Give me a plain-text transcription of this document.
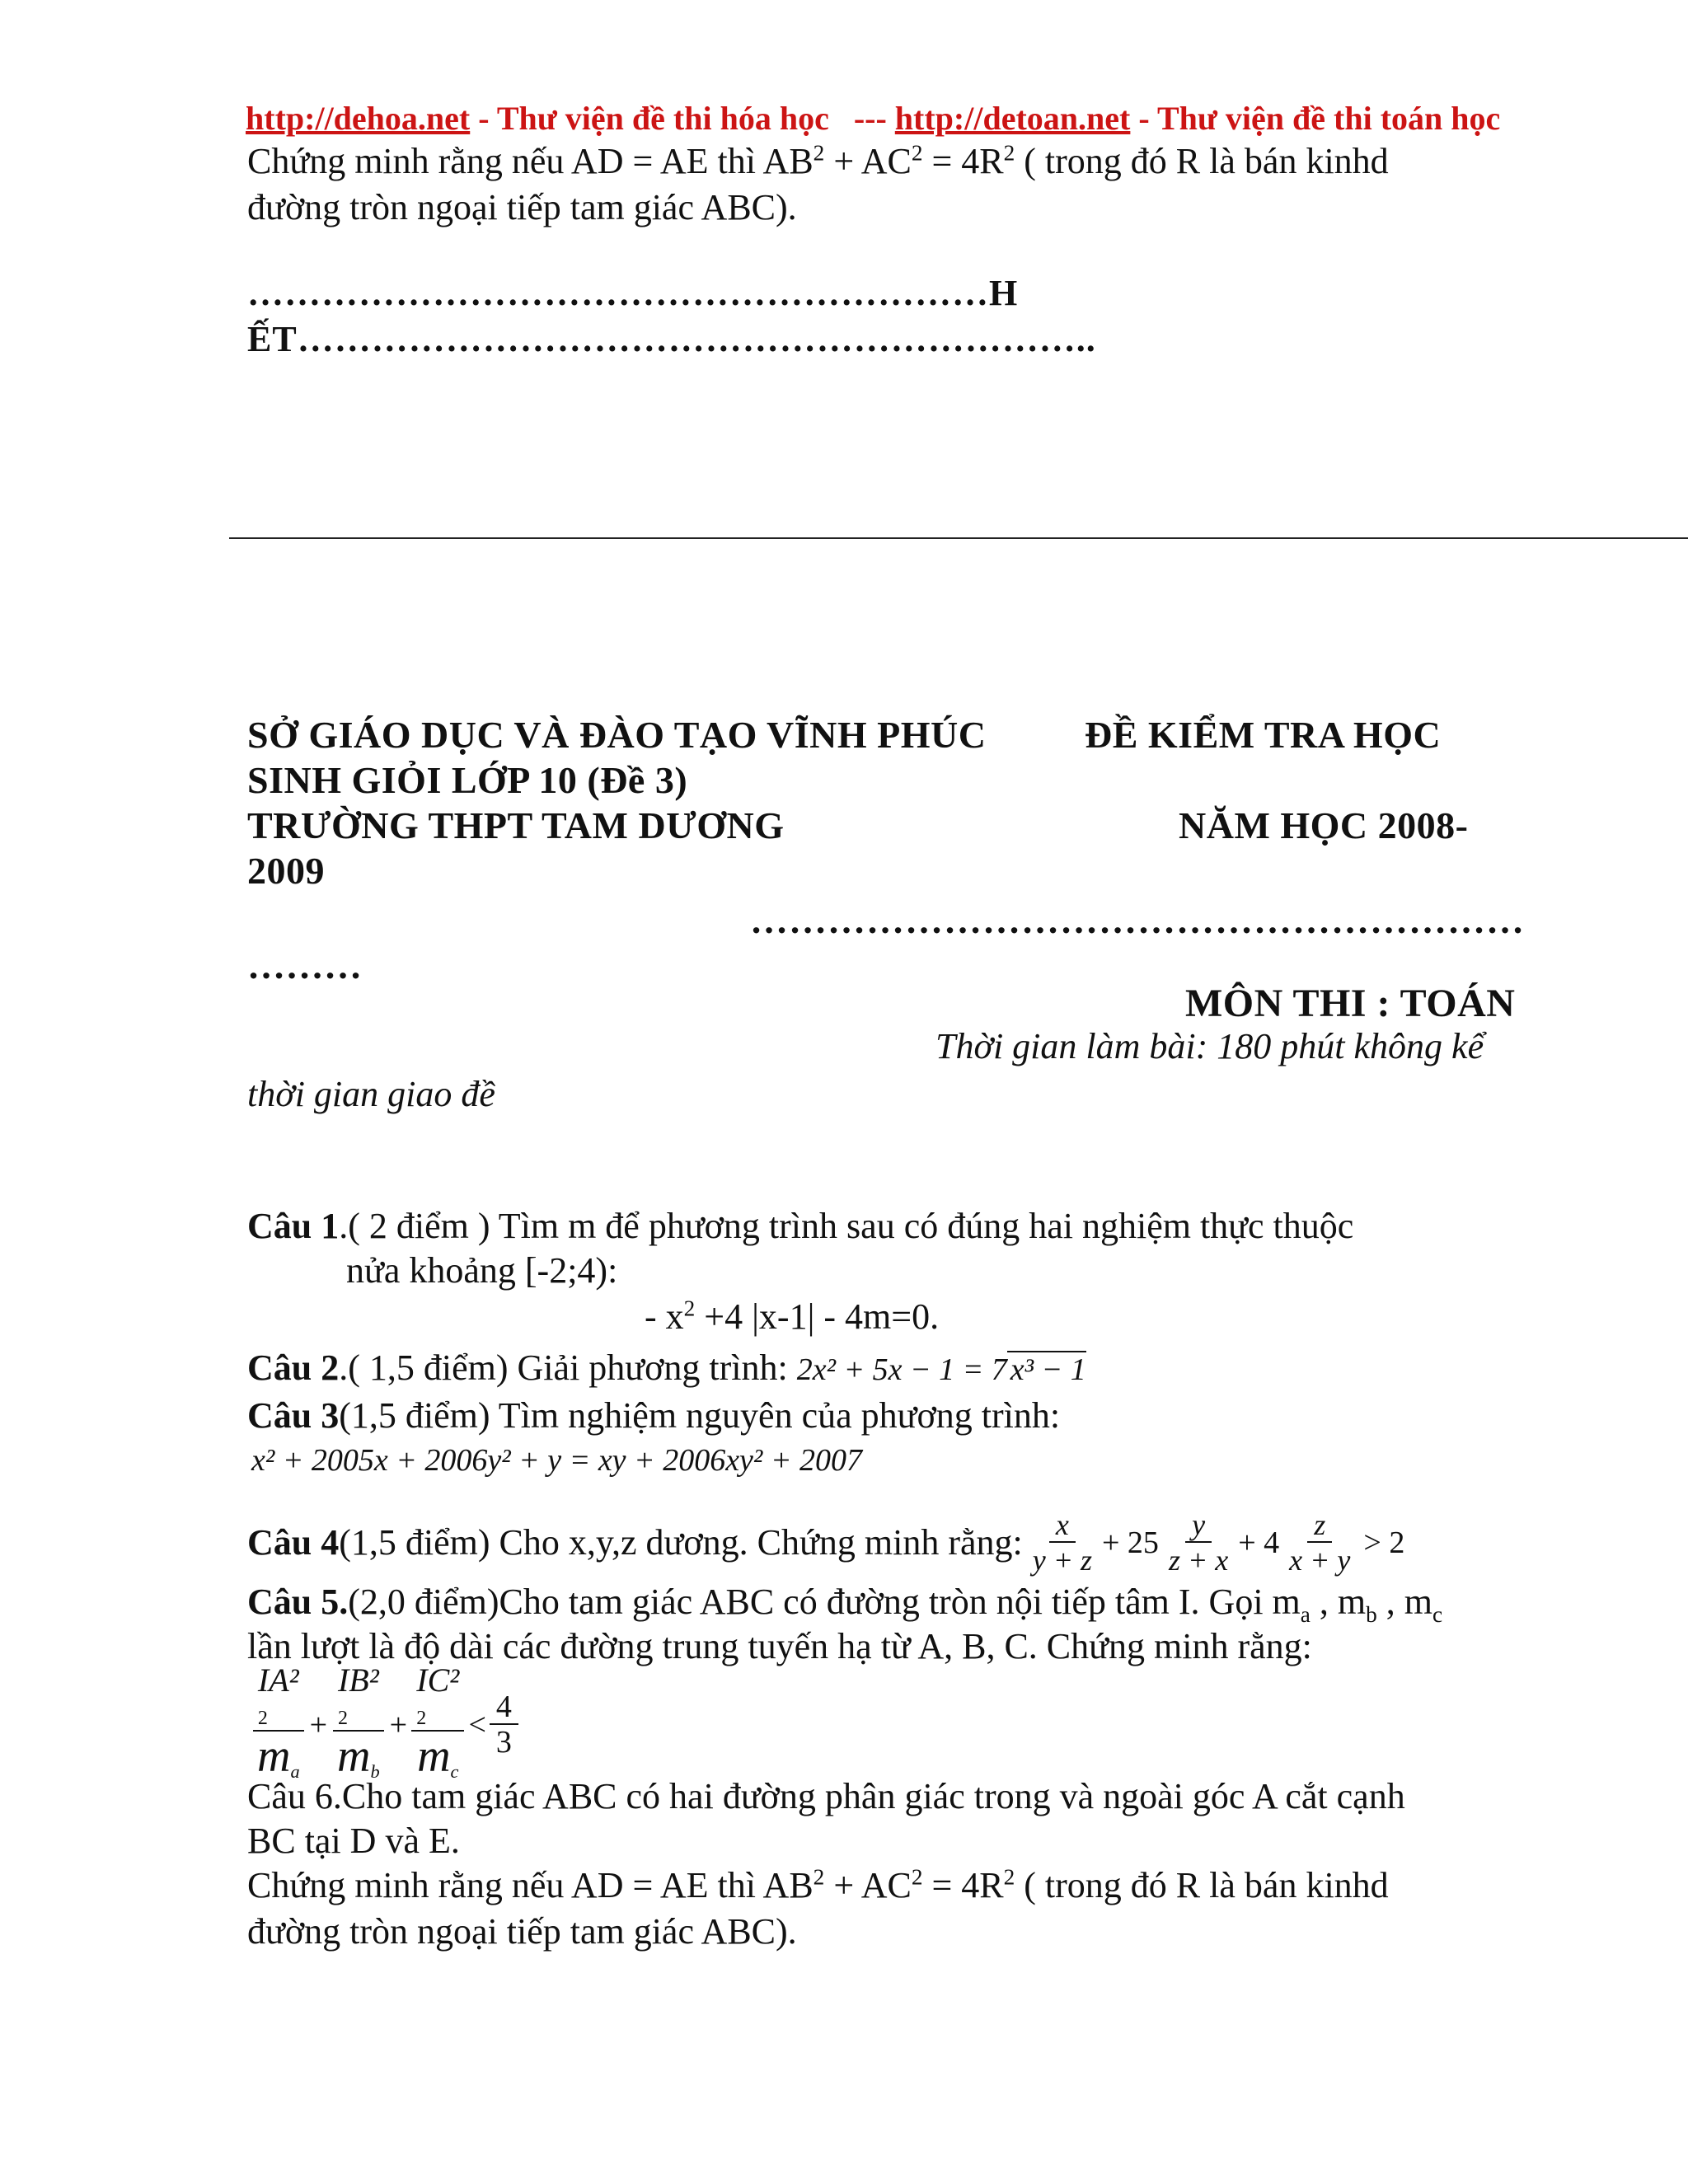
http://dehoa.net - Thư viện đề thi hóa học   --- http://detoan.net - Thư viện đề thi toán học
Chứng minh rằng nếu AD = AE thì $AB^2 + AC^2 = 4R^2$ ( trong đó R là bán kinhd
đường tròn ngoại tiếp tam giác ABC).
……………………………………………………H
ẾT………………………………………………………..
SỞ GIÁO DỤC VÀ ĐÀO TẠO VĨNH PHÚC	ĐỀ KIỂM TRA HỌC
SINH GIỎI LỚP 10 (Đề 3)
TRƯỜNG THPT TAM DƯƠNG	NĂM HỌC 2008-
2009
……………………………………………………
………
MÔN THI : TOÁN
Thời gian làm bài: 180 phút không kể
thời gian giao đề
Câu 1.( 2 điểm ) Tìm m để phương trình sau có đúng hai nghiệm thực thuộc
nửa khoảng [-2;4):
- $x^2 +4$ |x-1| - 4m=0.
Câu 2.( 1,5 điểm) Giải phương trình: 2x² + 5x − 1 = 7 x³ − 1
Câu 3(1,5 điểm) Tìm nghiệm nguyên của phương trình:
x² + 2005x + 2006y² + y = xy + 2006xy² + 2007
Câu 4 (1,5 điểm) Cho x,y,z dương. Chứng minh rằng: $\frac{x}{y + z} + 25 \frac{y}{z + x} + 4 \frac{z}{x + y} > 2$
Câu 5.(2,0 điểm)Cho tam giác ABC có đường tròn nội tiếp tâm I. Gọi $m_a$ , $m_b$ , $m_c$
lần lượt là độ dài các đường trung tuyến hạ từ A, B, C. Chứng minh rằng:
IA²
2
$m_a$
+
IB²
2
$m_b$
+
IC²
2
$m_c$
< $\frac{4}{3}$
Câu 6.Cho tam giác ABC có hai đường phân giác trong và ngoài góc A cắt cạnh
BC tại D và E.
Chứng minh rằng nếu AD = AE thì $AB^2 + AC^2 = 4R^2$ ( trong đó R là bán kinhd
đường tròn ngoại tiếp tam giác ABC).
